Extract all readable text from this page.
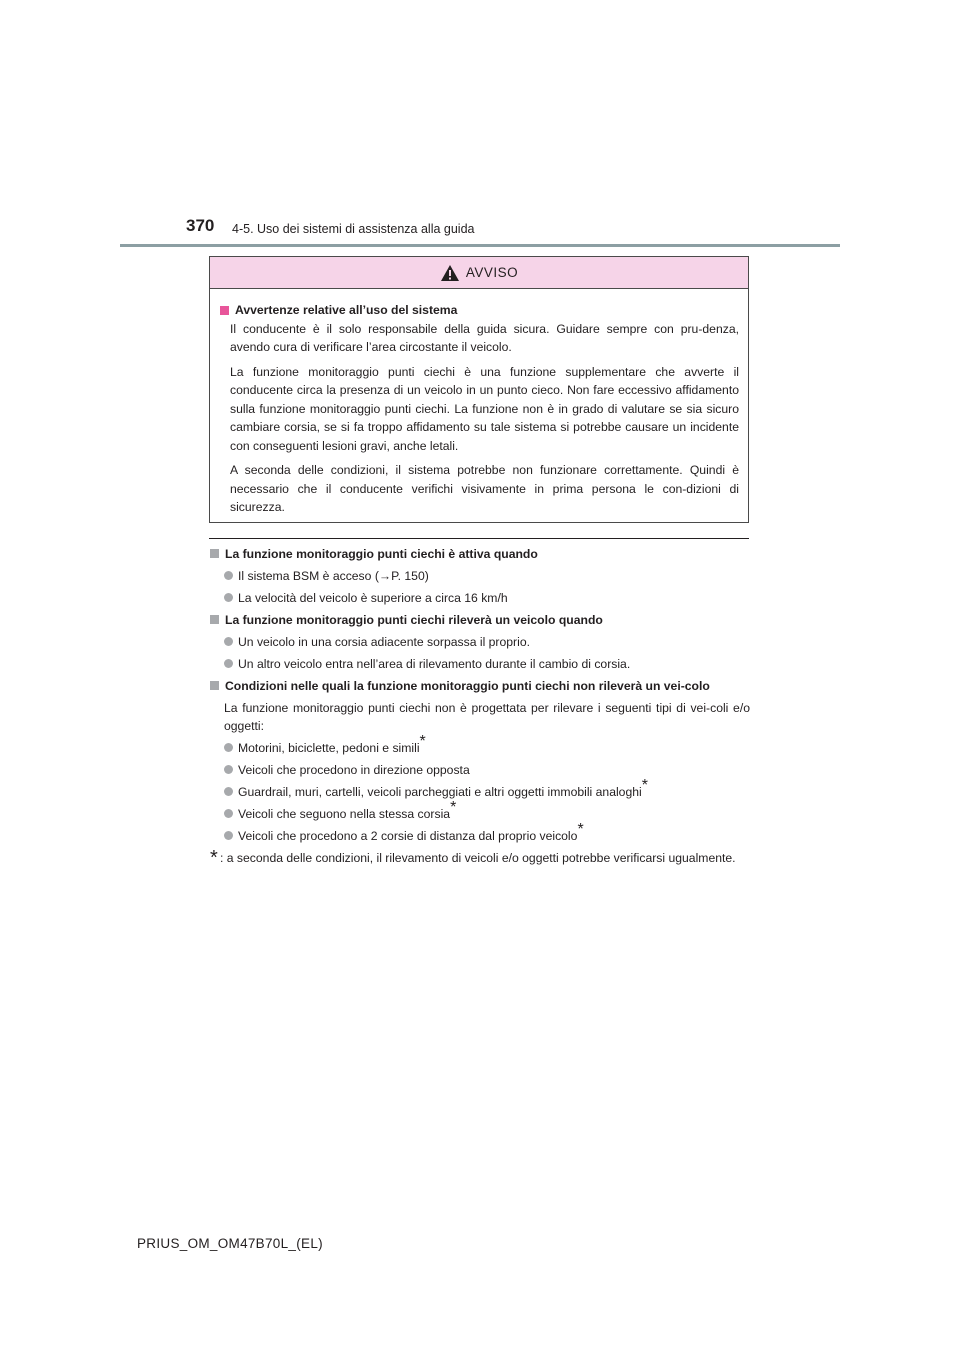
370 4-5. Uso dei sistemi di assistenza alla guida
AVVISO
Avvertenze relative all’uso del sistema

Il conducente è il solo responsabile della guida sicura. Guidare sempre con pru-denza, avendo cura di verificare l’area circostante il veicolo.

La funzione monitoraggio punti ciechi è una funzione supplementare che avverte il conducente circa la presenza di un veicolo in un punto cieco. Non fare eccessivo affidamento sulla funzione monitoraggio punti ciechi. La funzione non è in grado di valutare se sia sicuro cambiare corsia, se si fa troppo affidamento su tale sistema si potrebbe causare un incidente con conseguenti lesioni gravi, anche letali.

A seconda delle condizioni, il sistema potrebbe non funzionare correttamente. Quindi è necessario che il conducente verifichi visivamente in prima persona le con-dizioni di sicurezza.

La funzione monitoraggio punti ciechi è attiva quando
Il sistema BSM è acceso (→P. 150)
La velocità del veicolo è superiore a circa 16 km/h
La funzione monitoraggio punti ciechi rileverà un veicolo quando
Un veicolo in una corsia adiacente sorpassa il proprio.
Un altro veicolo entra nell’area di rilevamento durante il cambio di corsia.
Condizioni nelle quali la funzione monitoraggio punti ciechi non rileverà un vei-colo

La funzione monitoraggio punti ciechi non è progettata per rilevare i seguenti tipi di vei-coli e/o oggetti:

Motorini, biciclette, pedoni e simili*
Veicoli che procedono in direzione opposta
Guardrail, muri, cartelli, veicoli parcheggiati e altri oggetti immobili analoghi*
Veicoli che seguono nella stessa corsia*
Veicoli che procedono a 2 corsie di distanza dal proprio veicolo*
* : a seconda delle condizioni, il rilevamento di veicoli e/o oggetti potrebbe verificarsi ugualmente.
PRIUS_OM_OM47B70L_(EL)
